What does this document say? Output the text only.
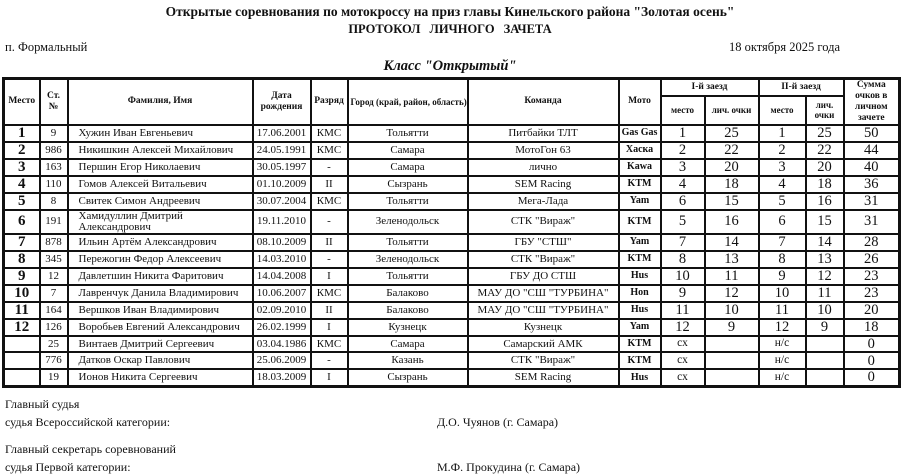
Открытые соревнования по мотокроссу на приз главы Кинельского района "Золотая осень"
ПРОТОКОЛ ЛИЧНОГО ЗАЧЕТА
п. Формальный	18 октября 2025 года
Класс "Открытый"
Место	Ст. №	Фамилия, Имя	Дата рождения	Разряд	Город (край, район, область)	Команда	Мото	I-й заезд		II-й заезд		Сумма очков в личном зачете
								место	лич. очки	место	лич. очки	
1	9	Хужин Иван Евгеньевич	17.06.2001	КМС	Тольятти	Питбайки ТЛТ	Gas Gas	1	25	1	25	50
2	986	Никишкин Алексей Михайлович	24.05.1991	КМС	Самара	МотоГон 63	Хаска	2	22	2	22	44
3	163	Першин Егор Николаевич	30.05.1997	-	Самара	лично	Kawa	3	20	3	20	40
4	110	Гомов Алексей Витальевич	01.10.2009	II	Сызрань	SEM Racing	KTM	4	18	4	18	36
5	8	Свитек Симон Андреевич	30.07.2004	КМС	Тольятти	Мега-Лада	Yam	6	15	5	16	31
6	191	Хамидуллин Дмитрий Александрович	19.11.2010	-	Зеленодольск	СТК "Вираж"	KTM	5	16	6	15	31
7	878	Ильин Артём Александрович	08.10.2009	II	Тольятти	ГБУ "СТШ"	Yam	7	14	7	14	28
8	345	Пережогин Федор Алексеевич	14.03.2010	-	Зеленодольск	СТК "Вираж"	KTM	8	13	8	13	26
9	12	Давлетшин Никита Фаритович	14.04.2008	I	Тольятти	ГБУ ДО СТШ	Hus	10	11	9	12	23
10	7	Лавренчук Данила Владимирович	10.06.2007	КМС	Балаково	МАУ ДО "СШ "ТУРБИНА"	Hon	9	12	10	11	23
11	164	Вершков Иван Владимирович	02.09.2010	II	Балаково	МАУ ДО "СШ "ТУРБИНА"	Hus	11	10	11	10	20
12	126	Воробьев Евгений Александрович	26.02.1999	I	Кузнецк	Кузнецк	Yam	12	9	12	9	18
	25	Винтаев Дмитрий Сергеевич	03.04.1986	КМС	Самара	Самарский АМК	KTM	сх		н/с		0
	776	Датков Оскар Павлович	25.06.2009	-	Казань	СТК "Вираж"	KTM	сх		н/с		0
	19	Ионов Никита Сергеевич	18.03.2009	I	Сызрань	SEM Racing	Hus	сх		н/с		0
Главный судья
судья Всероссийской категории:	Д.О. Чуянов (г. Самара)
Главный секретарь соревнований
судья Первой категории:	М.Ф. Прокудина (г. Самара)
